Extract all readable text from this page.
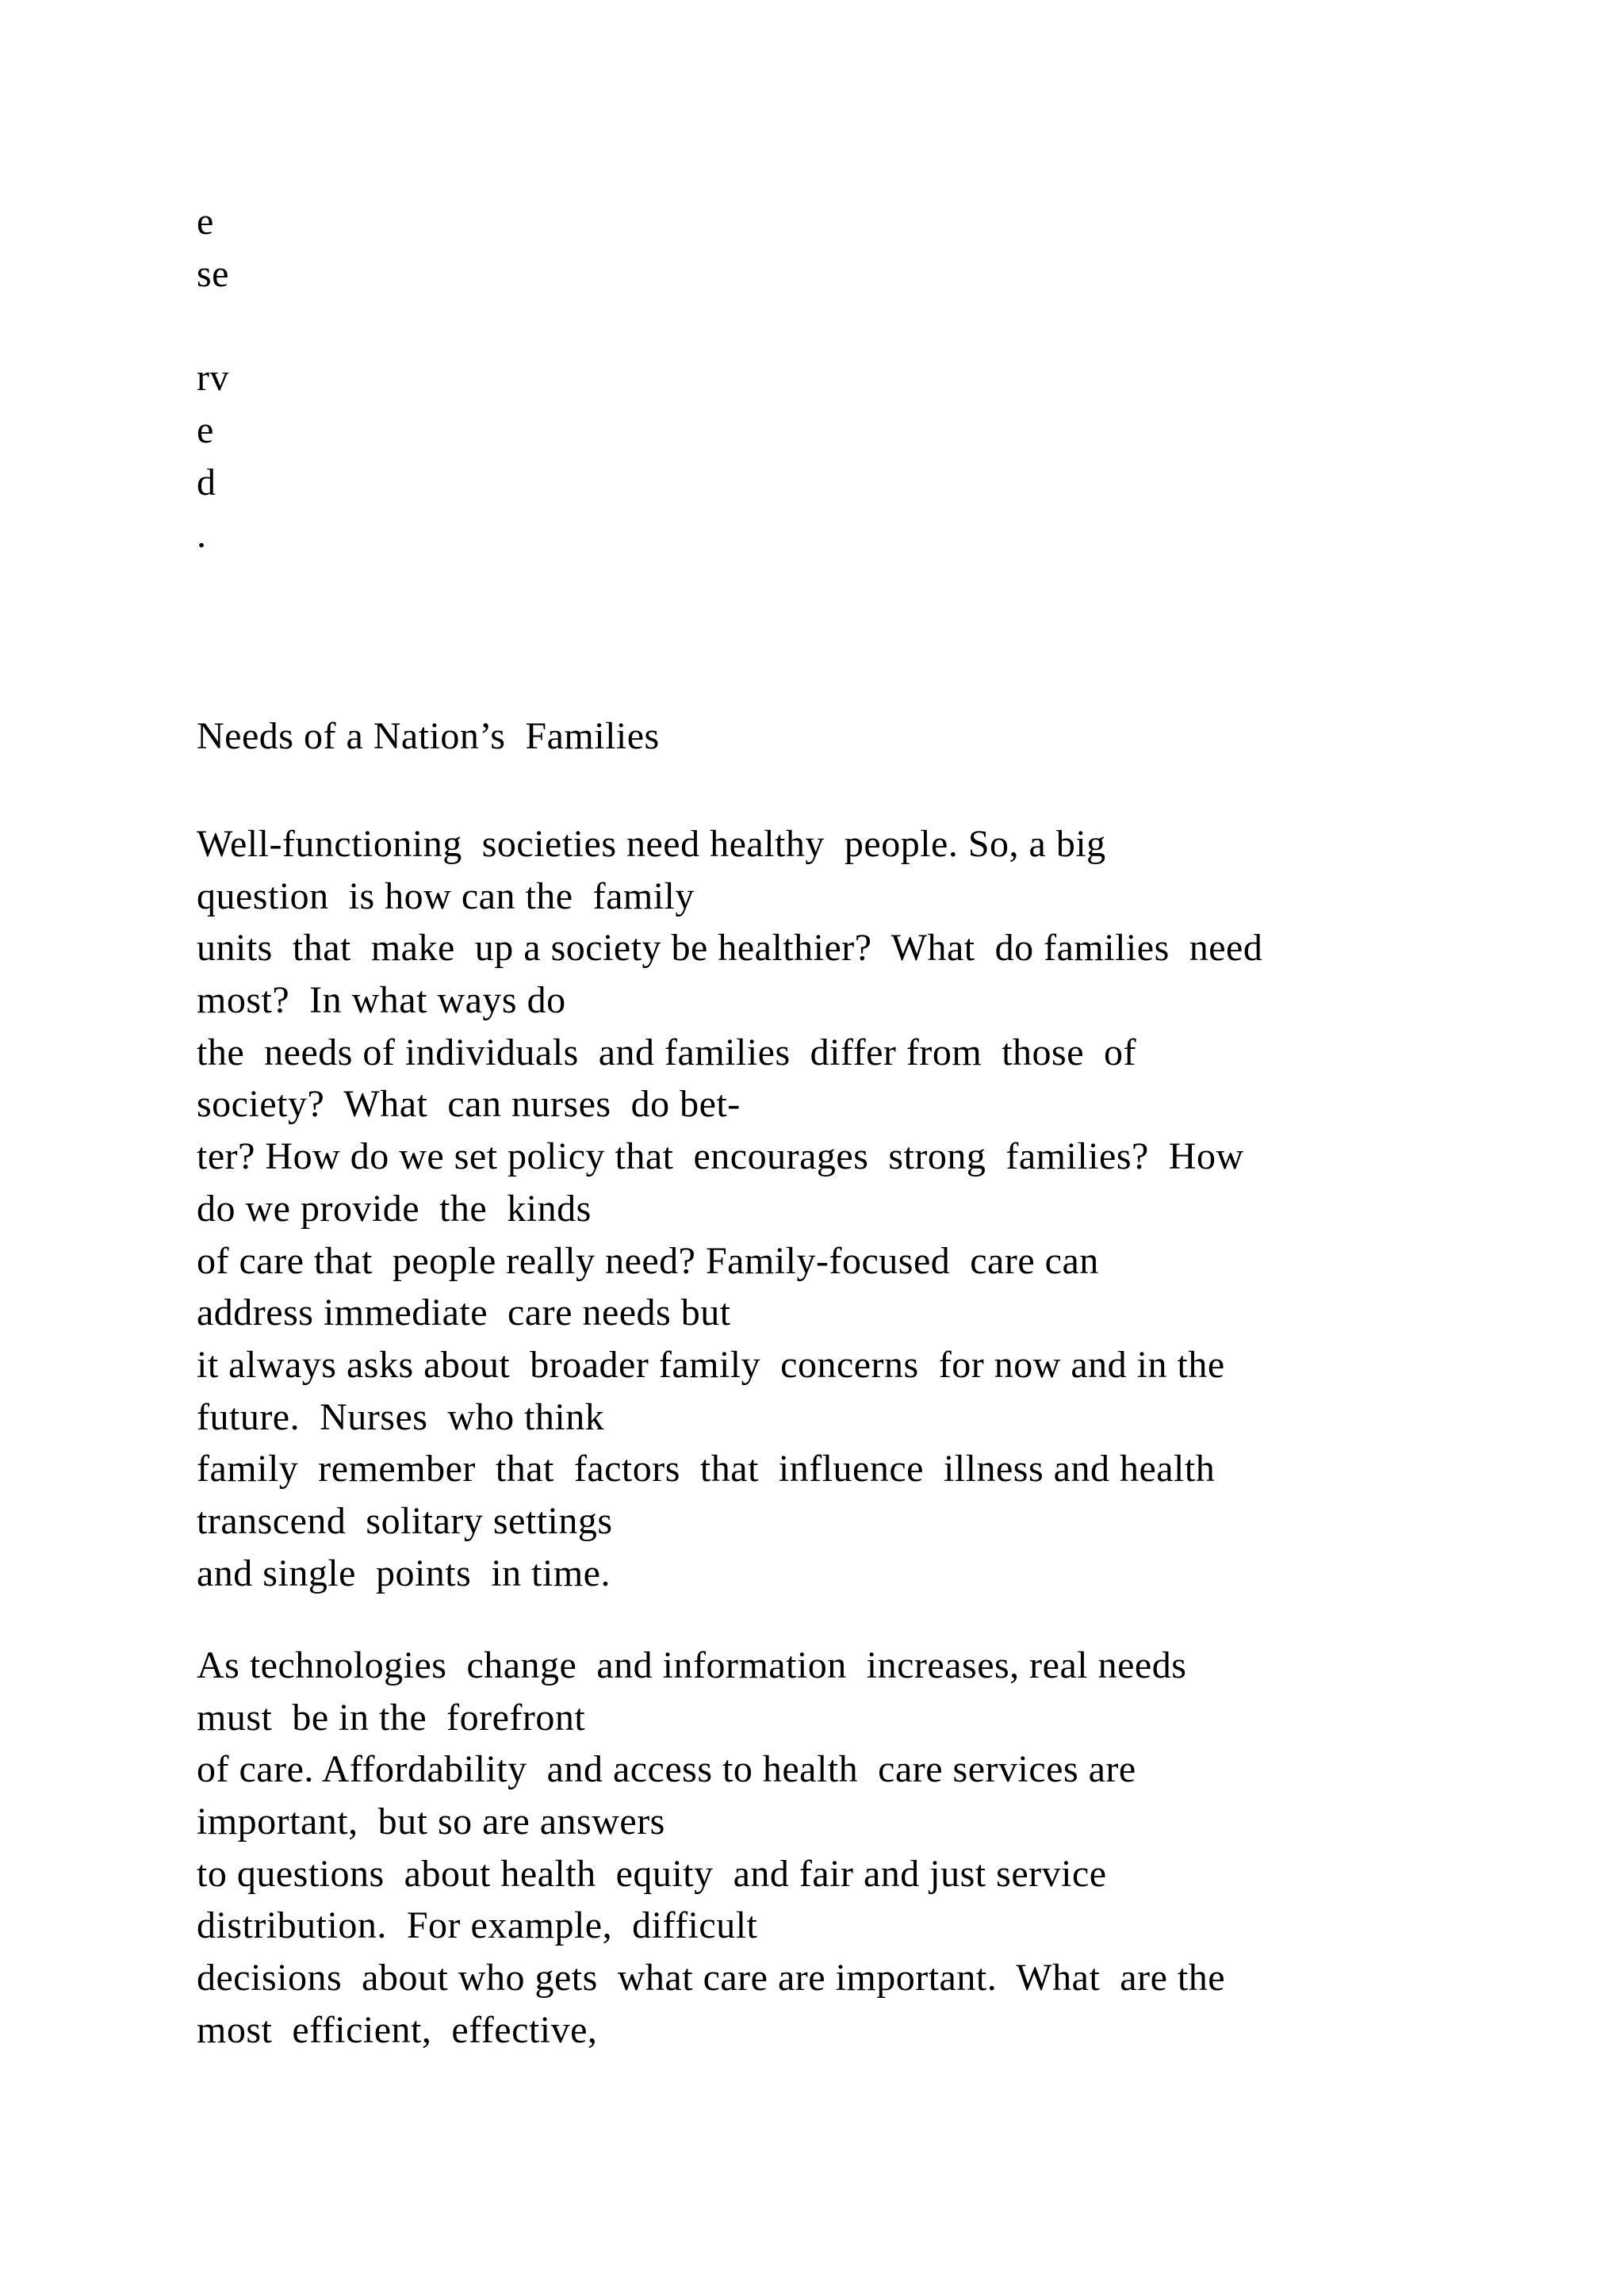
e
se
rv
e
d
.
Needs of a Nation’s  Families
Well-functioning  societies need healthy  people. So, a big
question  is how can the  family
units  that  make  up a society be healthier?  What  do families  need
most?  In what ways do
the  needs of individuals  and families  differ from  those  of
society?  What  can nurses  do bet-
ter? How do we set policy that  encourages  strong  families?  How
do we provide  the  kinds
of care that  people really need? Family-focused  care can
address immediate  care needs but
it always asks about  broader family  concerns  for now and in the
future.  Nurses  who think
family  remember  that  factors  that  influence  illness and health
transcend  solitary settings
and single  points  in time.
As technologies  change  and information  increases, real needs
must  be in the  forefront
of care. Affordability  and access to health  care services are
important,  but so are answers
to questions  about health  equity  and fair and just service
distribution.  For example,  difficult
decisions  about who gets  what care are important.  What  are the
most  efficient,  effective,
